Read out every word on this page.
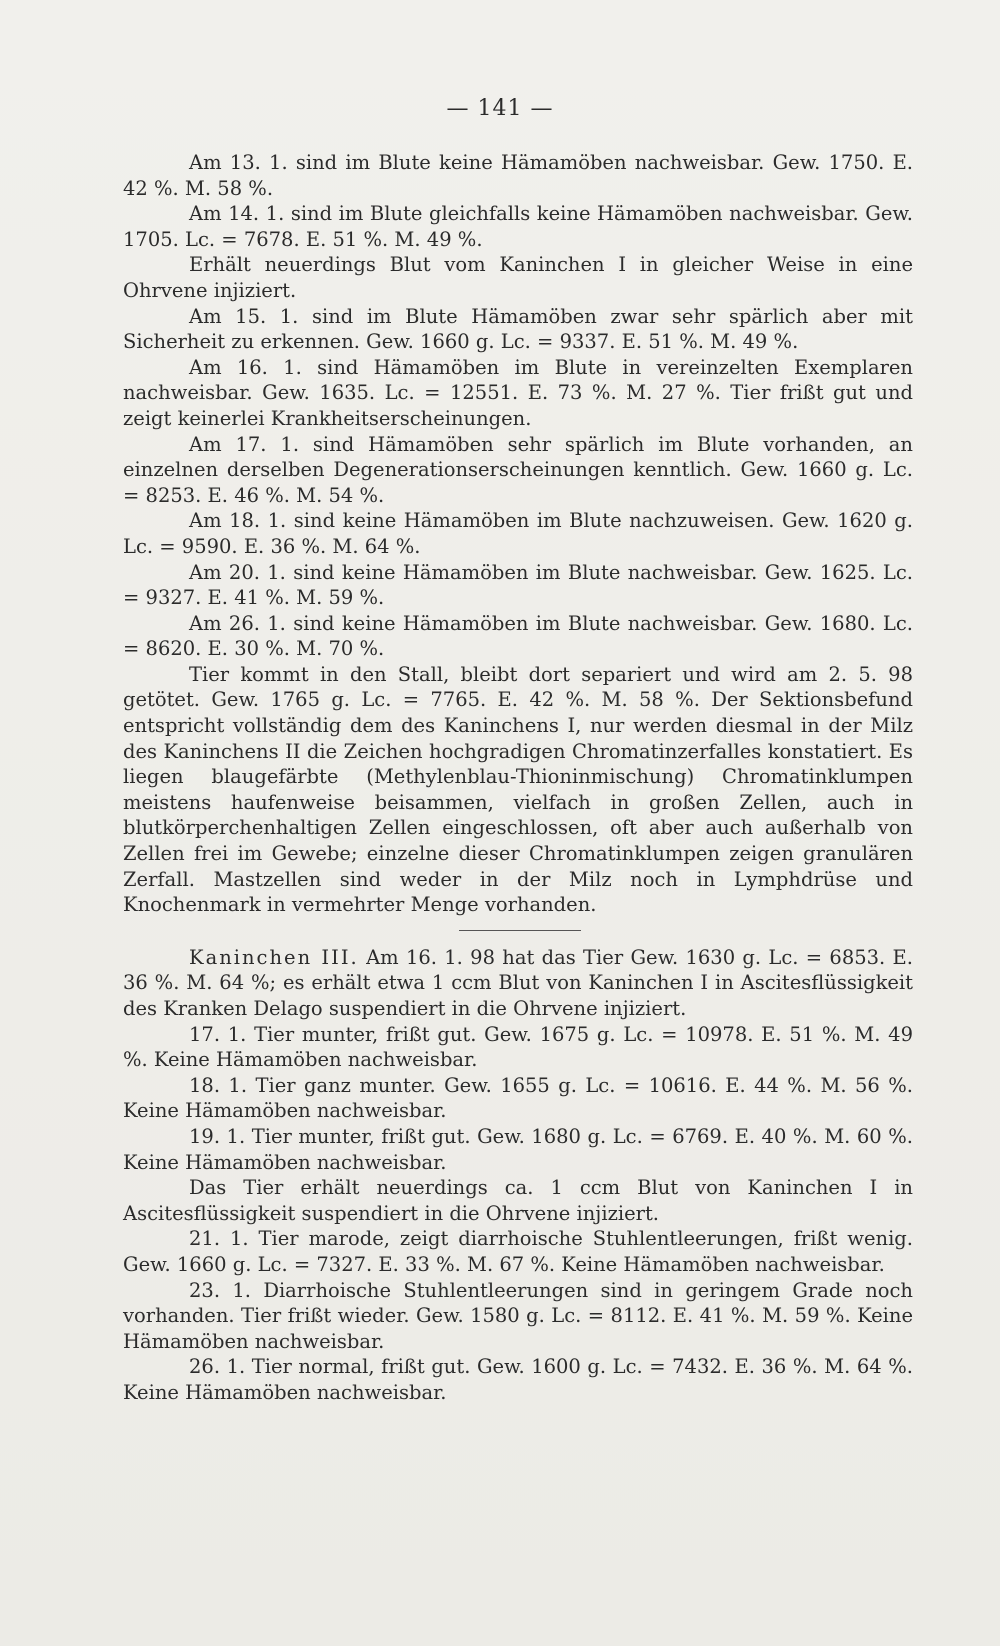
— 141 —

Am 13. 1. sind im Blute keine Hämamöben nachweisbar. Gew. 1750. E. 42 %. M. 58 %.

Am 14. 1. sind im Blute gleichfalls keine Hämamöben nachweisbar. Gew. 1705. Lc. = 7678. E. 51 %. M. 49 %.

Erhält neuerdings Blut vom Kaninchen I in gleicher Weise in eine Ohrvene injiziert.

Am 15. 1. sind im Blute Hämamöben zwar sehr spärlich aber mit Sicherheit zu erkennen. Gew. 1660 g. Lc. = 9337. E. 51 %. M. 49 %.

Am 16. 1. sind Hämamöben im Blute in vereinzelten Exemplaren nachweisbar. Gew. 1635. Lc. = 12551. E. 73 %. M. 27 %. Tier frißt gut und zeigt keinerlei Krankheitserscheinungen.

Am 17. 1. sind Hämamöben sehr spärlich im Blute vorhanden, an einzelnen derselben Degenerationserscheinungen kenntlich. Gew. 1660 g. Lc. = 8253. E. 46 %. M. 54 %.

Am 18. 1. sind keine Hämamöben im Blute nachzuweisen. Gew. 1620 g. Lc. = 9590. E. 36 %. M. 64 %.

Am 20. 1. sind keine Hämamöben im Blute nachweisbar. Gew. 1625. Lc. = 9327. E. 41 %. M. 59 %.

Am 26. 1. sind keine Hämamöben im Blute nachweisbar. Gew. 1680. Lc. = 8620. E. 30 %. M. 70 %.

Tier kommt in den Stall, bleibt dort separiert und wird am 2. 5. 98 getötet. Gew. 1765 g. Lc. = 7765. E. 42 %. M. 58 %. Der Sektionsbefund entspricht vollständig dem des Kaninchens I, nur werden diesmal in der Milz des Kaninchens II die Zeichen hochgradigen Chromatinzerfalles konstatiert. Es liegen blaugefärbte (Methylenblau-Thioninmischung) Chromatinklumpen meistens haufenweise beisammen, vielfach in großen Zellen, auch in blutkörperchenhaltigen Zellen eingeschlossen, oft aber auch außerhalb von Zellen frei im Gewebe; einzelne dieser Chromatinklumpen zeigen granulären Zerfall. Mastzellen sind weder in der Milz noch in Lymphdrüse und Knochenmark in vermehrter Menge vorhanden.

Kaninchen III. Am 16. 1. 98 hat das Tier Gew. 1630 g. Lc. = 6853. E. 36 %. M. 64 %; es erhält etwa 1 ccm Blut von Kaninchen I in Ascitesflüssigkeit des Kranken Delago suspendiert in die Ohrvene injiziert.

17. 1. Tier munter, frißt gut. Gew. 1675 g. Lc. = 10978. E. 51 %. M. 49 %. Keine Hämamöben nachweisbar.

18. 1. Tier ganz munter. Gew. 1655 g. Lc. = 10616. E. 44 %. M. 56 %. Keine Hämamöben nachweisbar.

19. 1. Tier munter, frißt gut. Gew. 1680 g. Lc. = 6769. E. 40 %. M. 60 %. Keine Hämamöben nachweisbar.

Das Tier erhält neuerdings ca. 1 ccm Blut von Kaninchen I in Ascitesflüssigkeit suspendiert in die Ohrvene injiziert.

21. 1. Tier marode, zeigt diarrhoische Stuhlentleerungen, frißt wenig. Gew. 1660 g. Lc. = 7327. E. 33 %. M. 67 %. Keine Hämamöben nachweisbar.

23. 1. Diarrhoische Stuhlentleerungen sind in geringem Grade noch vorhanden. Tier frißt wieder. Gew. 1580 g. Lc. = 8112. E. 41 %. M. 59 %. Keine Hämamöben nachweisbar.

26. 1. Tier normal, frißt gut. Gew. 1600 g. Lc. = 7432. E. 36 %. M. 64 %. Keine Hämamöben nachweisbar.
